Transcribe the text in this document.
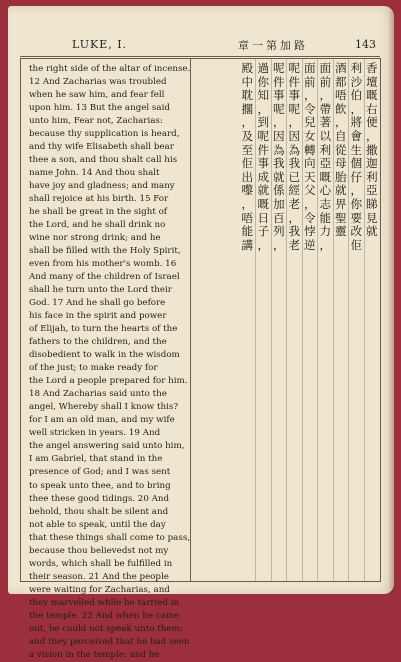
LUKE, I.	章一第加路	143
the right side of the altar of incense.
12 And Zacharias was troubled
when he saw him, and fear fell
upon him. 13 But the angel said
unto him, Fear not, Zacharias:
because thy supplication is heard,
and thy wife Elisabeth shall bear
thee a son, and thou shalt call his
name John. 14 And thou shalt
have joy and gladness; and many
shall rejoice at his birth. 15 For
he shall be great in the sight of
the Lord, and he shall drink no
wine nor strong drink; and he
shall be filled with the Holy Spirit,
even from his mother's womb. 16
And many of the children of Israel
shall he turn unto the Lord their
God. 17 And he shall go before
his face in the spirit and power
of Elijah, to turn the hearts of the
fathers to the children, and the
disobedient to walk in the wisdom
of the just; to make ready for
the Lord a people prepared for him.
18 And Zacharias said unto the
angel, Whereby shall I know this?
for I am an old man, and my wife
well stricken in years. 19 And
the angel answering said unto him,
I am Gabriel, that stand in the
presence of God; and I was sent
to speak unto thee, and to bring
thee these good tidings. 20 And
behold, thou shalt be silent and
not able to speak, until the day
that these things shall come to pass,
because thou believedst not my
words, which shall be fulfilled in
their season. 21 And the people
were waiting for Zacharias, and
they marvelled while he tarried in
the temple. 22 And when he came
out, he could not speak unto them:
and they perceived that he had seen
a vision in the temple: and he
香
壇
嘅
右
便
，
撒
迦
利
亞
睇
見
就
利
沙
伯
，
將
會
生
個
仔
，
你
要
改
佢
酒
都
唔
飲
，
自
從
母
胎
就
畀
聖
靈
面
前
，
帶
著
以
利
亞
嘅
心
志
能
力
，
面
前
，
令
兒
女
轉
向
天
父
，
令
悖
逆
呢
件
事
呢
，
因
為
我
已
經
老
，
我
老
呢
件
事
呢
，
因
為
我
就
係
加
百
列
，
過
你
知
，
到
呢
件
事
成
就
嘅
日
子
，
殿
中
耽
擱
，
及
至
佢
出
嚟
，
唔
能
講
